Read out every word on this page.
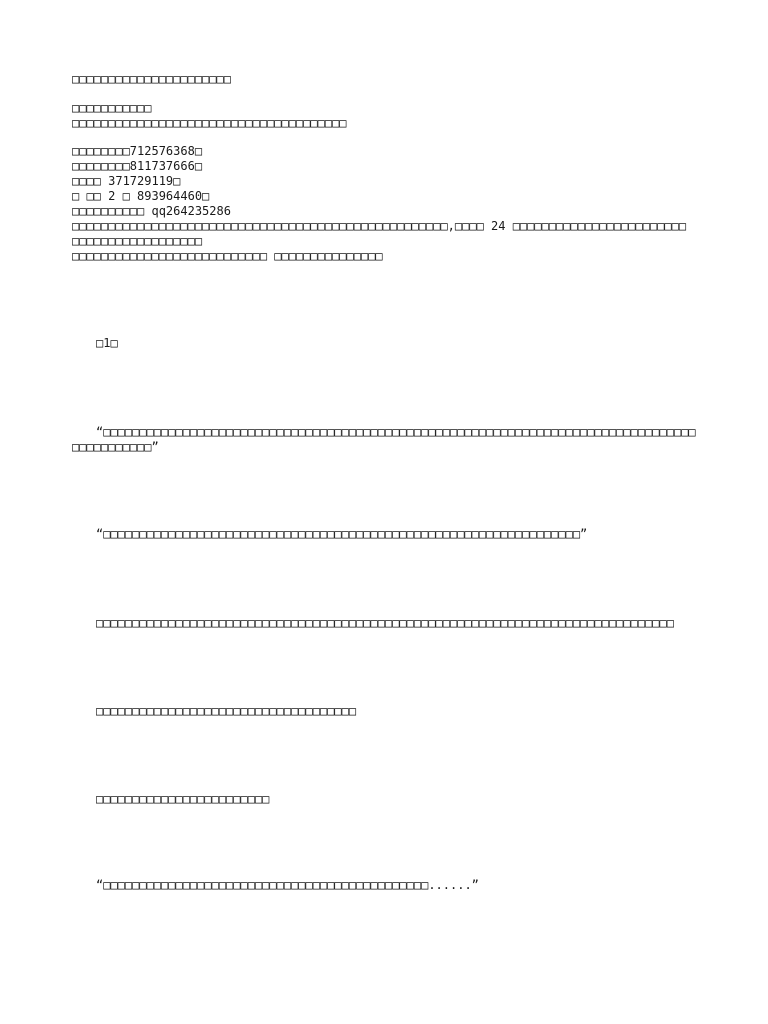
□□□□□□□□□□□□□□□□□□□□□□
□□□□□□□□□□□
□□□□□□□□□□□□□□□□□□□□□□□□□□□□□□□□□□□□□□
□□□□□□□□712576368□
□□□□□□□□811737666□
□□□□ 371729119□
□ □□ 2 □ 893964460□
□□□□□□□□□□ qq264235286
□□□□□□□□□□□□□□□□□□□□□□□□□□□□□□□□□□□□□□□□□□□□□□□□□□□□,□□□□ 24 □□□□□□□□□□□□□□□□□□□□□□□□
□□□□□□□□□□□□□□□□□□
□□□□□□□□□□□□□□□□□□□□□□□□□□□ □□□□□□□□□□□□□□□
□1□
“□□□□□□□□□□□□□□□□□□□□□□□□□□□□□□□□□□□□□□□□□□□□□□□□□□□□□□□□□□□□□□□□□□□□□□□□□□□□□□□□□□
□□□□□□□□□□□”
“□□□□□□□□□□□□□□□□□□□□□□□□□□□□□□□□□□□□□□□□□□□□□□□□□□□□□□□□□□□□□□□□□□”
□□□□□□□□□□□□□□□□□□□□□□□□□□□□□□□□□□□□□□□□□□□□□□□□□□□□□□□□□□□□□□□□□□□□□□□□□□□□□□□□
□□□□□□□□□□□□□□□□□□□□□□□□□□□□□□□□□□□□
□□□□□□□□□□□□□□□□□□□□□□□□
“□□□□□□□□□□□□□□□□□□□□□□□□□□□□□□□□□□□□□□□□□□□□□......”
